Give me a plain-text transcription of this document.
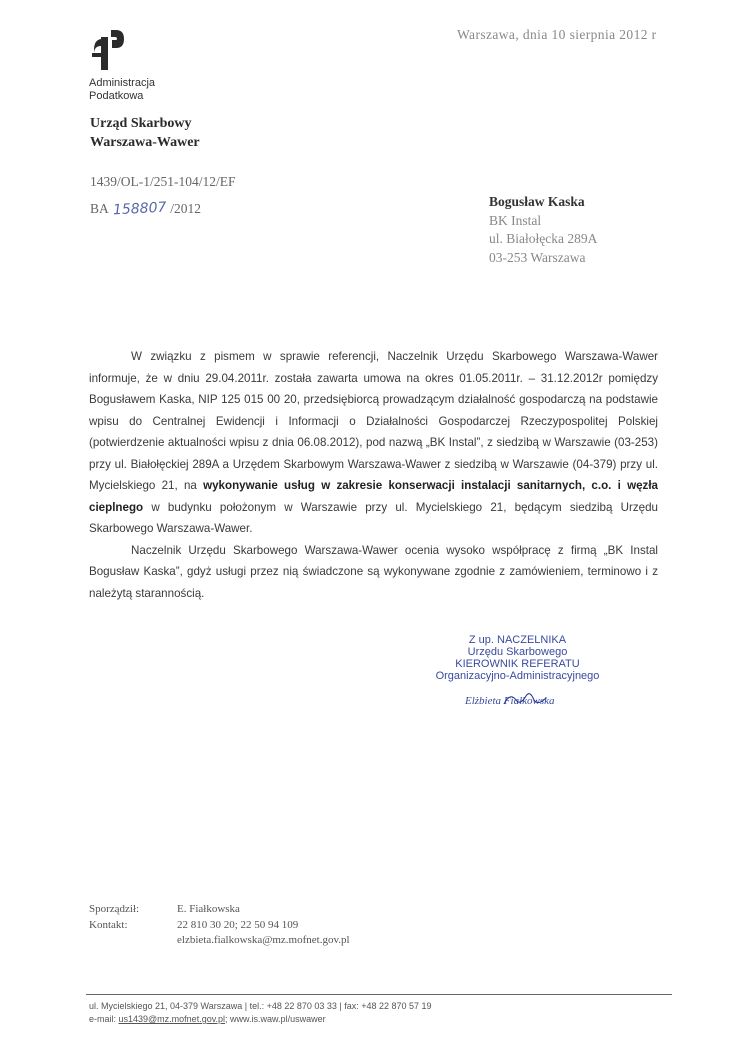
Warszawa, dnia 10 sierpnia 2012 r
Administracja
Podatkowa
Urząd Skarbowy
Warszawa-Wawer
1439/OL-1/251-104/12/EF
BA 158807 /2012	Bogusław Kaska
BK Instal
ul. Białołęcka 289A
03-253 Warszawa

W związku z pismem w sprawie referencji, Naczelnik Urzędu Skarbowego Warszawa-Wawer informuje, że w dniu 29.04.2011r. została zawarta umowa na okres 01.05.2011r. – 31.12.2012r pomiędzy Bogusławem Kaska, NIP 125 015 00 20, przedsiębiorcą prowadzącym działalność gospodarczą na podstawie wpisu do Centralnej Ewidencji i Informacji o Działalności Gospodarczej Rzeczypospolitej Polskiej (potwierdzenie aktualności wpisu z dnia 06.08.2012), pod nazwą „BK Instal”, z siedzibą w Warszawie (03-253) przy ul. Białołęckiej 289A a Urzędem Skarbowym Warszawa-Wawer z siedzibą w Warszawie (04-379) przy ul. Mycielskiego 21, na wykonywanie usług w zakresie konserwacji instalacji sanitarnych, c.o. i węzła cieplnego w budynku położonym w Warszawie przy ul. Mycielskiego 21, będącym siedzibą Urzędu Skarbowego Warszawa-Wawer.

Naczelnik Urzędu Skarbowego Warszawa-Wawer ocenia wysoko współpracę z firmą „BK Instal Bogusław Kaska”, gdyż usługi przez nią świadczone są wykonywane zgodnie z zamówieniem, terminowo i z należytą starannością.

Z up. NACZELNIKA
Urzędu Skarbowego
KIEROWNIK REFERATU
Organizacyjno-Administracyjnego
Elżbieta Fiałkowska
Sporządził:	E. Fiałkowska
Kontakt:	22 810 30 20; 22 50 94 109
elzbieta.fialkowska@mz.mofnet.gov.pl
ul. Mycielskiego 21, 04-379 Warszawa | tel.: +48 22 870 03 33 | fax: +48 22 870 57 19
e-mail: us1439@mz.mofnet.gov.pl; www.is.waw.pl/uswawer
